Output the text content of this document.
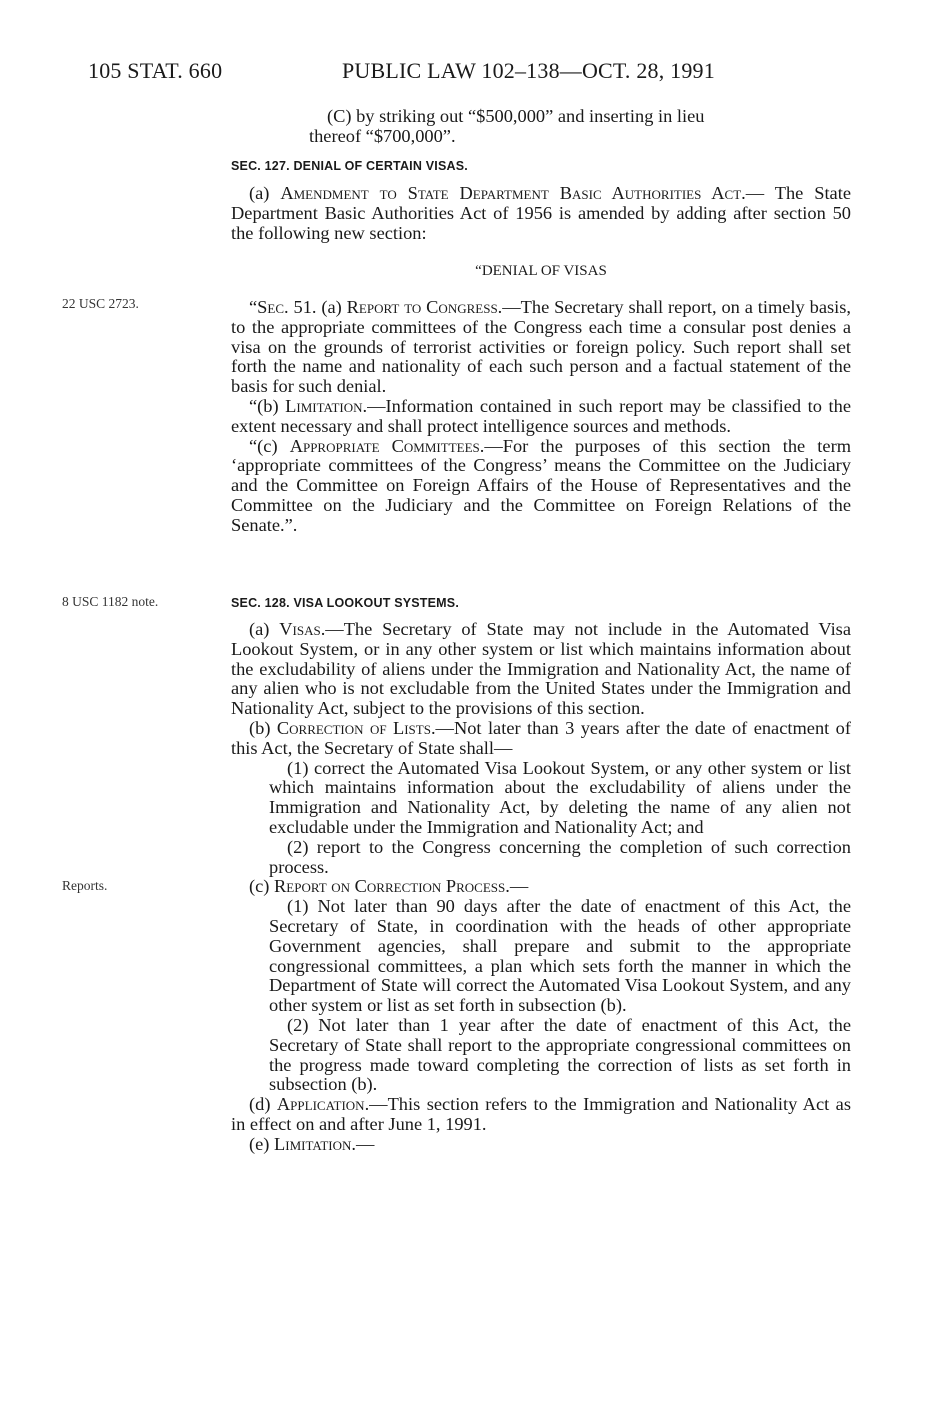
105 STAT. 660	PUBLIC LAW 102–138—OCT. 28, 1991
22 USC 2723.
8 USC 1182 note.
Reports.
(C) by striking out “$500,000” and inserting in lieu
thereof “$700,000”.
SEC. 127. DENIAL OF CERTAIN VISAS.

(a) Amendment to State Department Basic Authorities Act.— The State Department Basic Authorities Act of 1956 is amended by adding after section 50 the following new section:

“DENIAL OF VISAS

“Sec. 51. (a) Report to Congress.—The Secretary shall report, on a timely basis, to the appropriate committees of the Congress each time a consular post denies a visa on the grounds of terrorist activities or foreign policy. Such report shall set forth the name and nationality of each such person and a factual statement of the basis for such denial.

“(b) Limitation.—Information contained in such report may be classified to the extent necessary and shall protect intelligence sources and methods.

“(c) Appropriate Committees.—For the purposes of this section the term ‘appropriate committees of the Congress’ means the Committee on the Judiciary and the Committee on Foreign Affairs of the House of Representatives and the Committee on the Judiciary and the Committee on Foreign Relations of the Senate.”.

SEC. 128. VISA LOOKOUT SYSTEMS.

(a) Visas.—The Secretary of State may not include in the Automated Visa Lookout System, or in any other system or list which maintains information about the excludability of aliens under the Immigration and Nationality Act, the name of any alien who is not excludable from the United States under the Immigration and Nationality Act, subject to the provisions of this section.

(b) Correction of Lists.—Not later than 3 years after the date of enactment of this Act, the Secretary of State shall—

(1) correct the Automated Visa Lookout System, or any other system or list which maintains information about the excludability of aliens under the Immigration and Nationality Act, by deleting the name of any alien not excludable under the Immigration and Nationality Act; and

(2) report to the Congress concerning the completion of such correction process.

(c) Report on Correction Process.—

(1) Not later than 90 days after the date of enactment of this Act, the Secretary of State, in coordination with the heads of other appropriate Government agencies, shall prepare and submit to the appropriate congressional committees, a plan which sets forth the manner in which the Department of State will correct the Automated Visa Lookout System, and any other system or list as set forth in subsection (b).

(2) Not later than 1 year after the date of enactment of this Act, the Secretary of State shall report to the appropriate congressional committees on the progress made toward completing the correction of lists as set forth in subsection (b).

(d) Application.—This section refers to the Immigration and Nationality Act as in effect on and after June 1, 1991.

(e) Limitation.—
